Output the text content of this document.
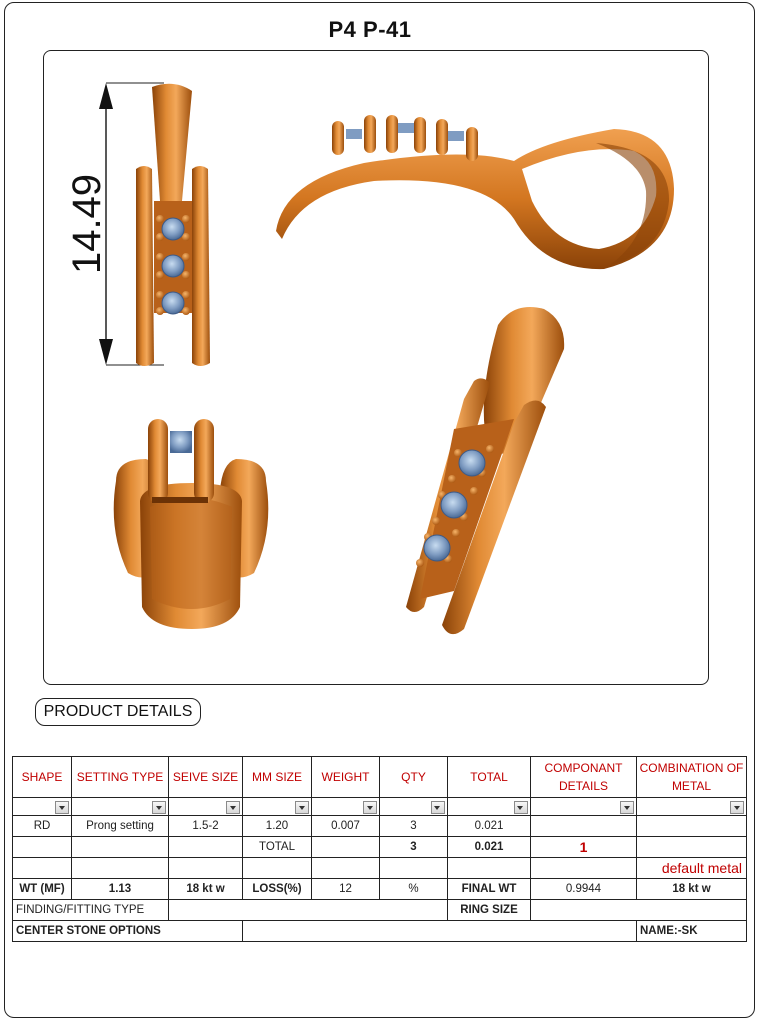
P4 P-41
14.49
PRODUCT DETAILS
SHAPE	SETTING TYPE	SEIVE SIZE	MM SIZE	WEIGHT	QTY	TOTAL	COMPONANT DETAILS	COMBINATION OF METAL

RD	Prong setting	1.5-2	1.20	0.007	3	0.021		
			TOTAL		3	0.021	1	
								default metal
WT (MF)	1.13	18 kt w	LOSS(%)	12	%	FINAL WT	0.9944	18 kt w
FINDING/FITTING TYPE						RING SIZE		
CENTER STONE OPTIONS								NAME:-SK
